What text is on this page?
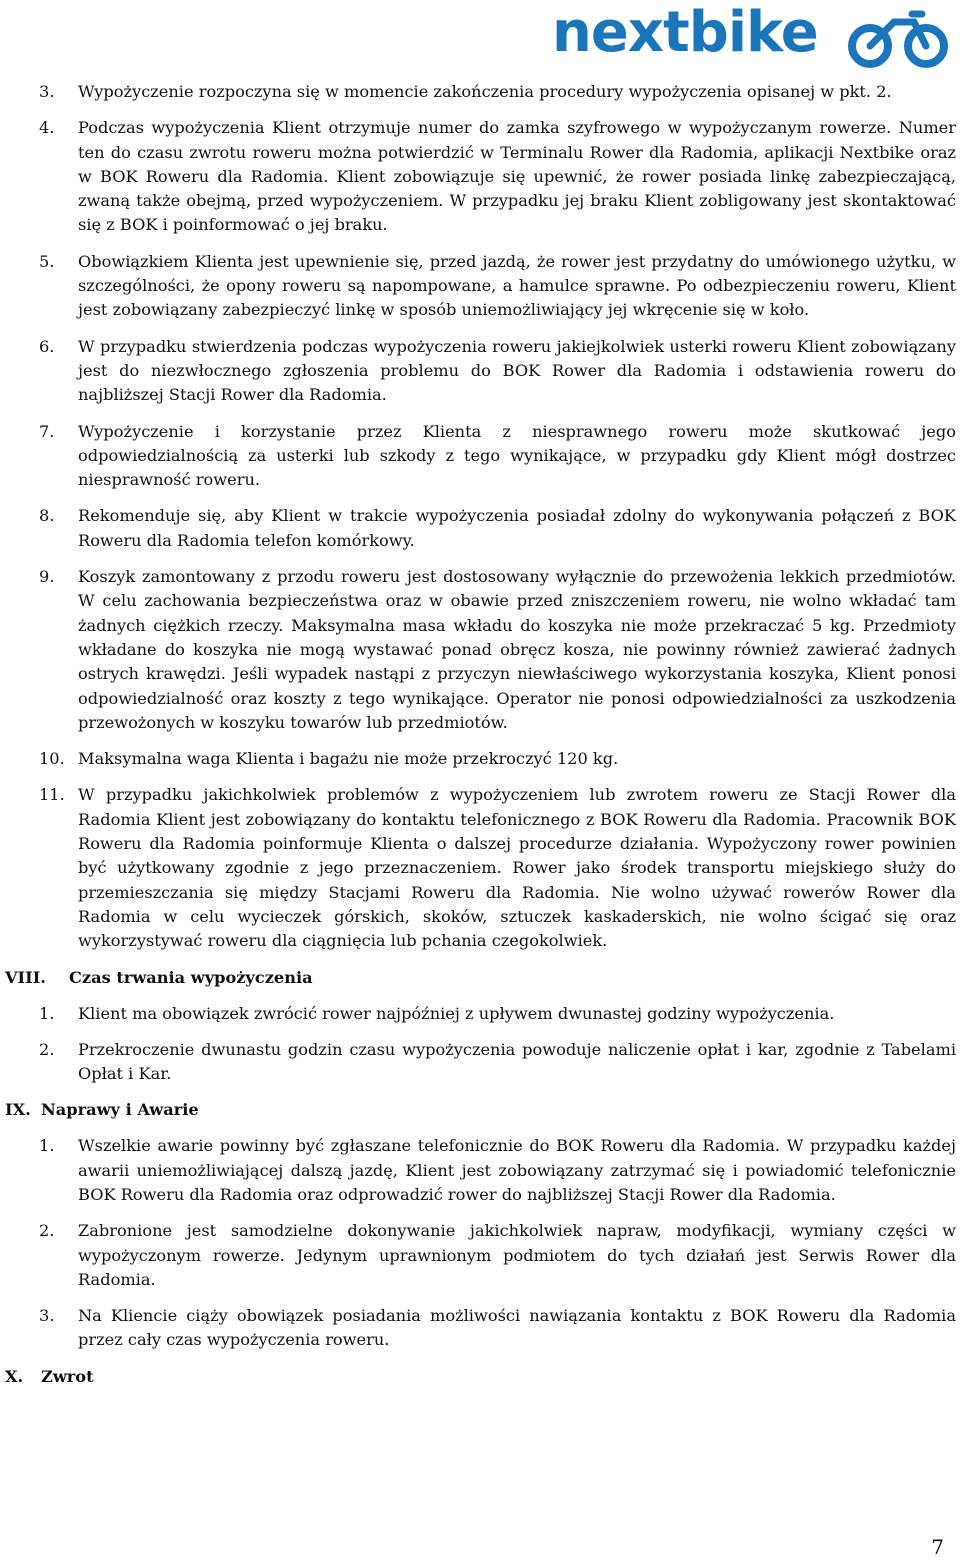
nextbike
3. Wypożyczenie rozpoczyna się w momencie zakończenia procedury wypożyczenia opisanej w pkt. 2.
4. Podczas wypożyczenia Klient otrzymuje numer do zamka szyfrowego w wypożyczanym rowerze. Numer ten do czasu zwrotu roweru można potwierdzić w Terminalu Rower dla Radomia, aplikacji Nextbike oraz w BOK Roweru dla Radomia. Klient zobowiązuje się upewnić, że rower posiada linkę zabezpieczającą, zwaną także obejmą, przed wypożyczeniem. W przypadku jej braku Klient zobligowany jest skontaktować się z BOK i poinformować o jej braku.
5. Obowiązkiem Klienta jest upewnienie się, przed jazdą, że rower jest przydatny do umówionego użytku, w szczególności, że opony roweru są napompowane, a hamulce sprawne. Po odbezpieczeniu roweru, Klient jest zobowiązany zabezpieczyć linkę w sposób uniemożliwiający jej wkręcenie się w koło.
6. W przypadku stwierdzenia podczas wypożyczenia roweru jakiejkolwiek usterki roweru Klient zobowiązany jest do niezwłocznego zgłoszenia problemu do BOK Rower dla Radomia i odstawienia roweru do najbliższej Stacji Rower dla Radomia.
7. Wypożyczenie i korzystanie przez Klienta z niesprawnego roweru może skutkować jego odpowiedzialnością za usterki lub szkody z tego wynikające, w przypadku gdy Klient mógł dostrzec niesprawność roweru.
8. Rekomenduje się, aby Klient w trakcie wypożyczenia posiadał zdolny do wykonywania połączeń z BOK Roweru dla Radomia telefon komórkowy.
9. Koszyk zamontowany z przodu roweru jest dostosowany wyłącznie do przewożenia lekkich przedmiotów. W celu zachowania bezpieczeństwa oraz w obawie przed zniszczeniem roweru, nie wolno wkładać tam żadnych ciężkich rzeczy. Maksymalna masa wkładu do koszyka nie może przekraczać 5 kg. Przedmioty wkładane do koszyka nie mogą wystawać ponad obręcz kosza, nie powinny również zawierać żadnych ostrych krawędzi. Jeśli wypadek nastąpi z przyczyn niewłaściwego wykorzystania koszyka, Klient ponosi odpowiedzialność oraz koszty z tego wynikające. Operator nie ponosi odpowiedzialności za uszkodzenia przewożonych w koszyku towarów lub przedmiotów.
10. Maksymalna waga Klienta i bagażu nie może przekroczyć 120 kg.
11. W przypadku jakichkolwiek problemów z wypożyczeniem lub zwrotem roweru ze Stacji Rower dla Radomia Klient jest zobowiązany do kontaktu telefonicznego z BOK Roweru dla Radomia. Pracownik BOK Roweru dla Radomia poinformuje Klienta o dalszej procedurze działania. Wypożyczony rower powinien być użytkowany zgodnie z jego przeznaczeniem. Rower jako środek transportu miejskiego służy do przemieszczania się między Stacjami Roweru dla Radomia. Nie wolno używać rowerów Rower dla Radomia w celu wycieczek górskich, skoków, sztuczek kaskaderskich, nie wolno ścigać się oraz wykorzystywać roweru dla ciągnięcia lub pchania czegokolwiek.
VIII. Czas trwania wypożyczenia
1. Klient ma obowiązek zwrócić rower najpóźniej z upływem dwunastej godziny wypożyczenia.
2. Przekroczenie dwunastu godzin czasu wypożyczenia powoduje naliczenie opłat i kar, zgodnie z Tabelami Opłat i Kar.
IX. Naprawy i Awarie
1. Wszelkie awarie powinny być zgłaszane telefonicznie do BOK Roweru dla Radomia. W przypadku każdej awarii uniemożliwiającej dalszą jazdę, Klient jest zobowiązany zatrzymać się i powiadomić telefonicznie BOK Roweru dla Radomia oraz odprowadzić rower do najbliższej Stacji Rower dla Radomia.
2. Zabronione jest samodzielne dokonywanie jakichkolwiek napraw, modyfikacji, wymiany części w wypożyczonym rowerze. Jedynym uprawnionym podmiotem do tych działań jest Serwis Rower dla Radomia.
3. Na Kliencie ciąży obowiązek posiadania możliwości nawiązania kontaktu z BOK Roweru dla Radomia przez cały czas wypożyczenia roweru.
X. Zwrot
7
